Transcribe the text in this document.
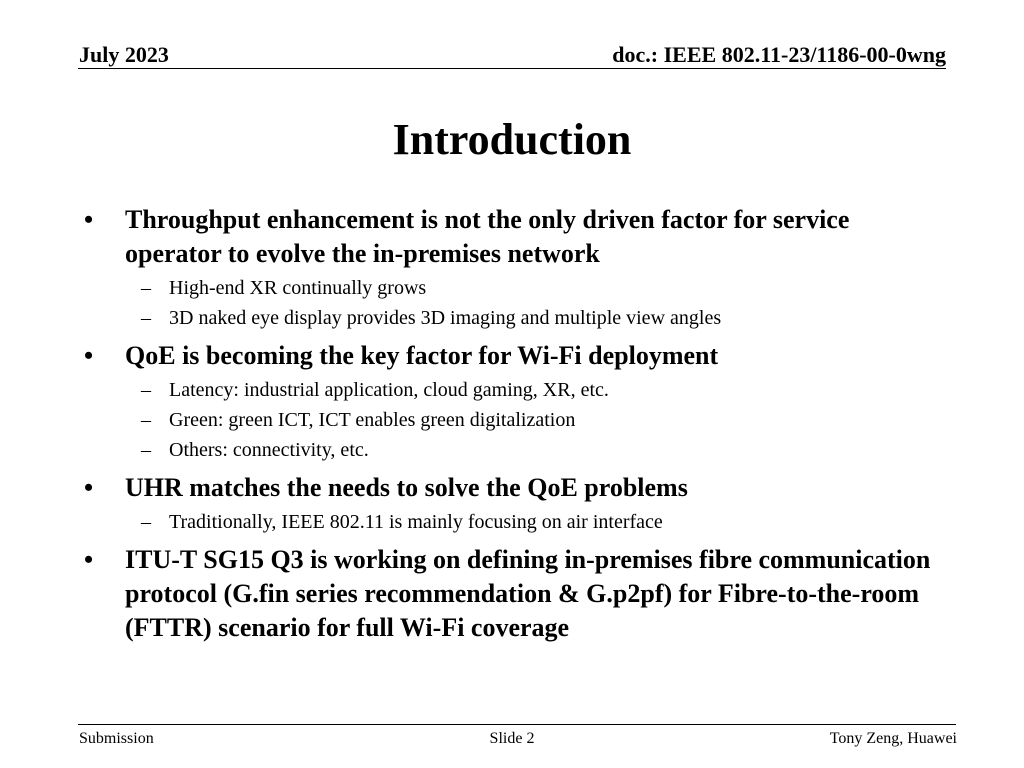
July 2023	doc.: IEEE 802.11-23/1186-00-0wng
Introduction
• Throughput enhancement is not the only driven factor for service operator to evolve the in-premises network
– High-end XR continually grows
– 3D naked eye display provides 3D imaging and multiple view angles
• QoE is becoming the key factor for Wi-Fi deployment
– Latency: industrial application, cloud gaming, XR, etc.
– Green: green ICT, ICT enables green digitalization
– Others: connectivity, etc.
• UHR matches the needs to solve the QoE problems
– Traditionally, IEEE 802.11 is mainly focusing on air interface
• ITU-T SG15 Q3 is working on defining in-premises fibre communication protocol (G.fin series recommendation & G.p2pf) for Fibre-to-the-room (FTTR) scenario for full Wi-Fi coverage
Submission	Slide 2	Tony Zeng, Huawei
